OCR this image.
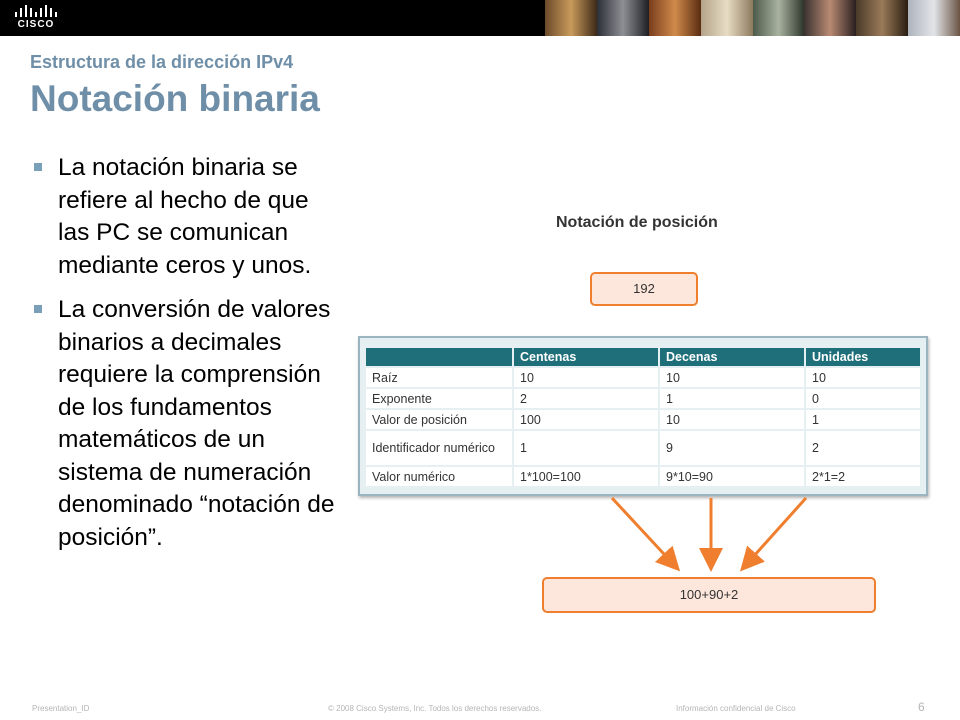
CISCO
Estructura de la dirección IPv4
Notación binaria
La notación binaria se refiere al hecho de que las PC se comunican mediante ceros y unos.
La conversión de valores binarios a decimales requiere la comprensión de los fundamentos matemáticos de un sistema de numeración denominado “notación de posición”.
Notación de posición
192
	Centenas	Decenas	Unidades
Raíz	10	10	10
Exponente	2	1	0
Valor de posición	100	10	1
Identificador numérico	1	9	2
Valor numérico	1*100=100	9*10=90	2*1=2
100+90+2
Presentation_ID	© 2008 Cisco Systems, Inc. Todos los derechos reservados.	Información confidencial de Cisco	6
